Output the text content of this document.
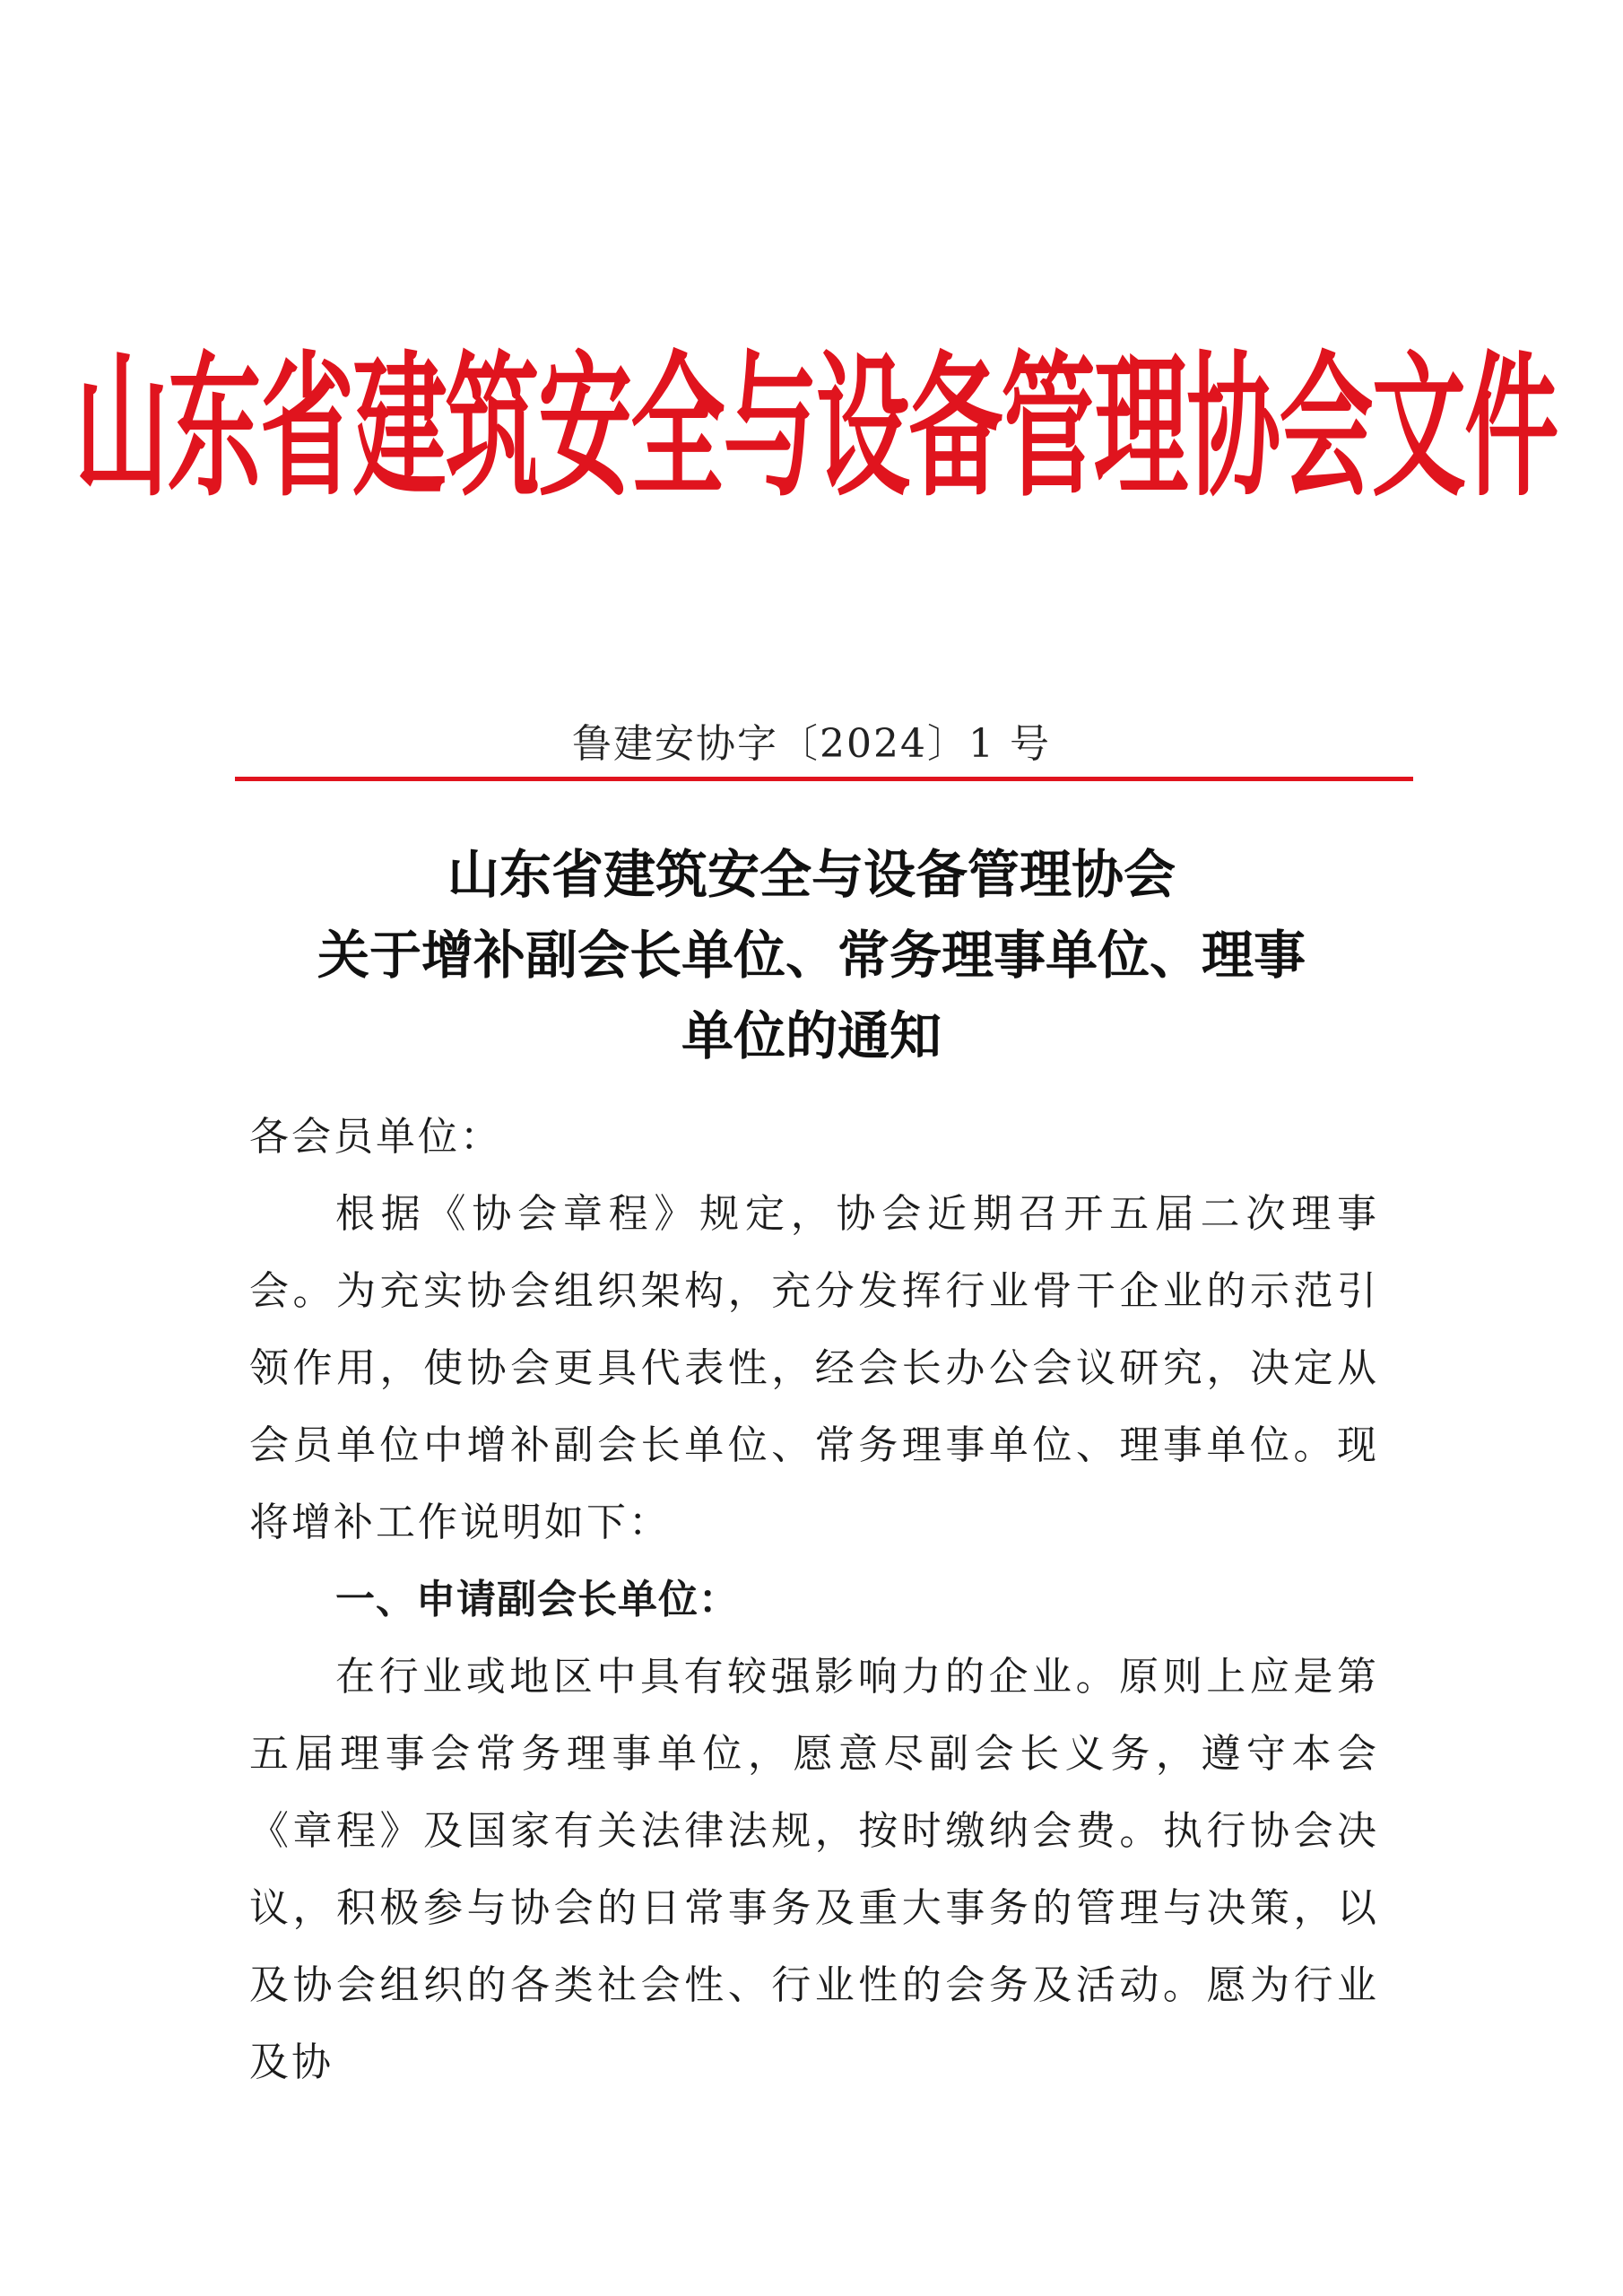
山东省建筑安全与设备管理协会文件
鲁建安协字〔2024〕1 号
山东省建筑安全与设备管理协会
关于增补副会长单位、常务理事单位、理事
单位的通知

各会员单位：

根据《协会章程》规定，协会近期召开五届二次理事会。为充实协会组织架构，充分发挥行业骨干企业的示范引领作用，使协会更具代表性，经会长办公会议研究，决定从会员单位中增补副会长单位、常务理事单位、理事单位。现将增补工作说明如下：

一、申请副会长单位：

在行业或地区中具有较强影响力的企业。原则上应是第五届理事会常务理事单位，愿意尽副会长义务，遵守本会《章程》及国家有关法律法规，按时缴纳会费。执行协会决议，积极参与协会的日常事务及重大事务的管理与决策，以及协会组织的各类社会性、行业性的会务及活动。愿为行业及协
